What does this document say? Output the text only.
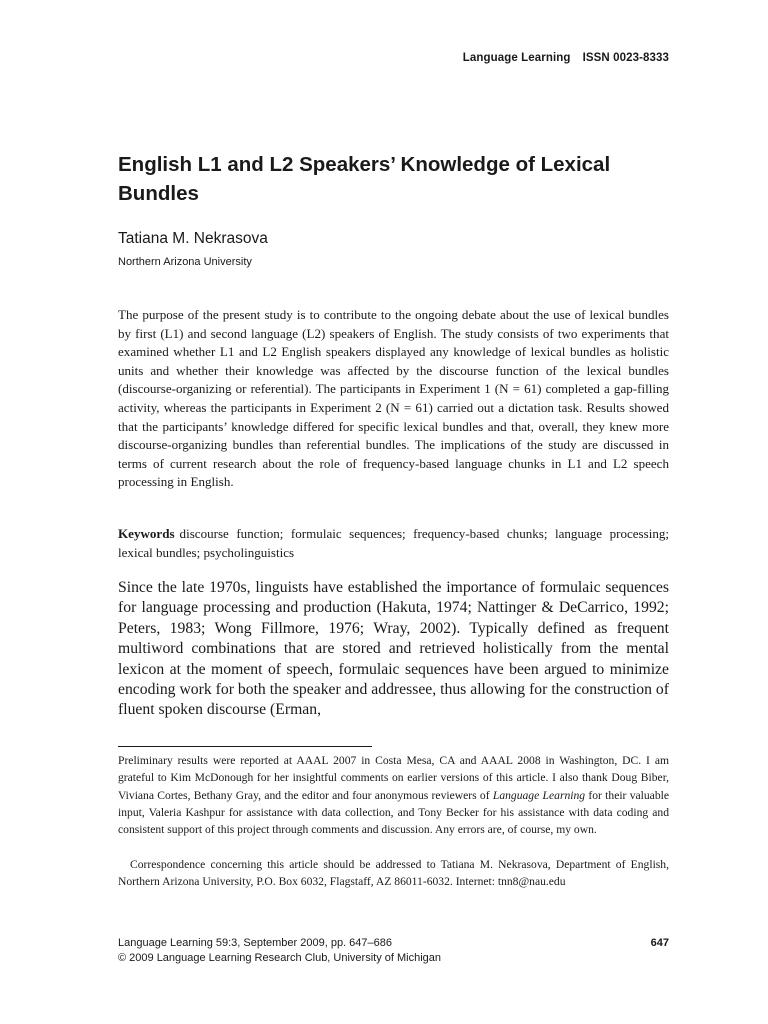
Language Learning ISSN 0023-8333
English L1 and L2 Speakers’ Knowledge of Lexical Bundles
Tatiana M. Nekrasova
Northern Arizona University

The purpose of the present study is to contribute to the ongoing debate about the use of lexical bundles by first (L1) and second language (L2) speakers of English. The study consists of two experiments that examined whether L1 and L2 English speakers displayed any knowledge of lexical bundles as holistic units and whether their knowledge was affected by the discourse function of the lexical bundles (discourse-organizing or referential). The participants in Experiment 1 (N = 61) completed a gap-filling activity, whereas the participants in Experiment 2 (N = 61) carried out a dictation task. Results showed that the participants’ knowledge differed for specific lexical bundles and that, overall, they knew more discourse-organizing bundles than referential bundles. The implications of the study are discussed in terms of current research about the role of frequency-based language chunks in L1 and L2 speech processing in English.

Keywords discourse function; formulaic sequences; frequency-based chunks; language processing; lexical bundles; psycholinguistics

Since the late 1970s, linguists have established the importance of formulaic sequences for language processing and production (Hakuta, 1974; Nattinger & DeCarrico, 1992; Peters, 1983; Wong Fillmore, 1976; Wray, 2002). Typically defined as frequent multiword combinations that are stored and retrieved holistically from the mental lexicon at the moment of speech, formulaic sequences have been argued to minimize encoding work for both the speaker and addressee, thus allowing for the construction of fluent spoken discourse (Erman,

Preliminary results were reported at AAAL 2007 in Costa Mesa, CA and AAAL 2008 in Washington, DC. I am grateful to Kim McDonough for her insightful comments on earlier versions of this article. I also thank Doug Biber, Viviana Cortes, Bethany Gray, and the editor and four anonymous reviewers of Language Learning for their valuable input, Valeria Kashpur for assistance with data collection, and Tony Becker for his assistance with data coding and consistent support of this project through comments and discussion. Any errors are, of course, my own.

Correspondence concerning this article should be addressed to Tatiana M. Nekrasova, Department of English, Northern Arizona University, P.O. Box 6032, Flagstaff, AZ 86011-6032. Internet: tnn8@nau.edu

Language Learning 59:3, September 2009, pp. 647–686
© 2009 Language Learning Research Club, University of Michigan
647
